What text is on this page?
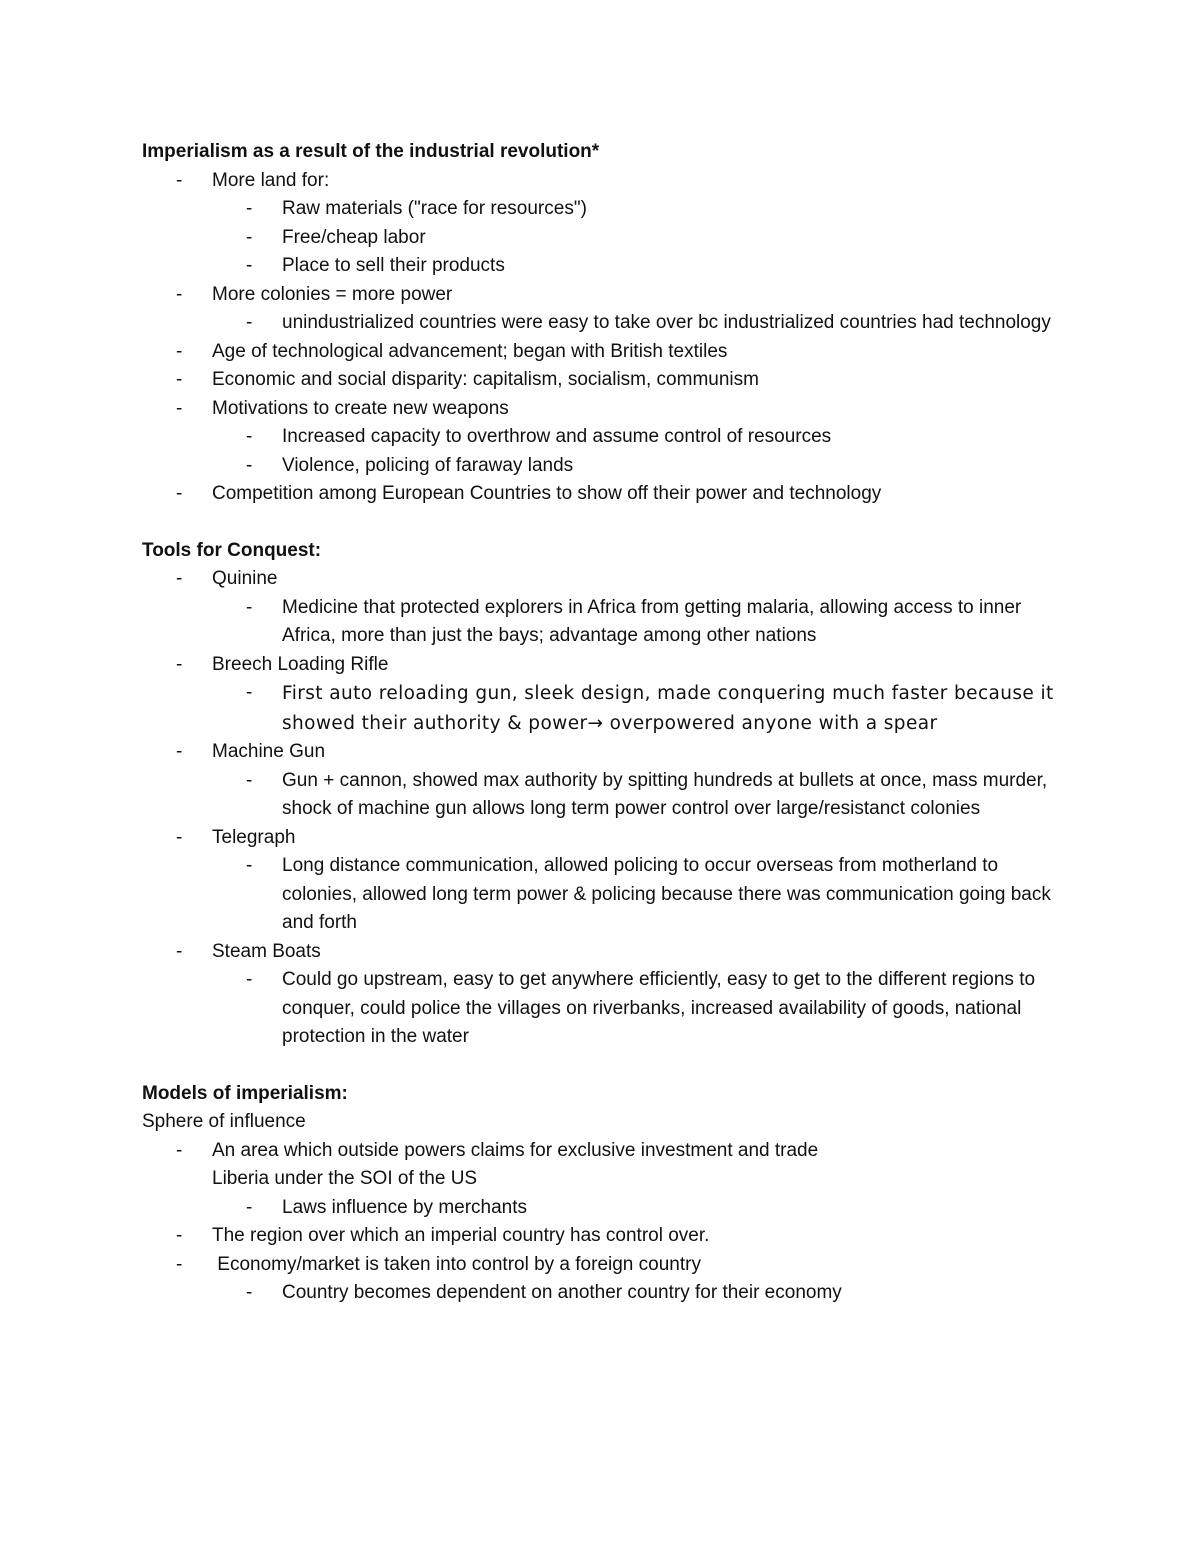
Imperialism as a result of the industrial revolution*

- More land for:
- Raw materials ("race for resources")
- Free/cheap labor
- Place to sell their products
- More colonies = more power
- unindustrialized countries were easy to take over bc industrialized countries had technology
- Age of technological advancement; began with British textiles
- Economic and social disparity: capitalism, socialism, communism
- Motivations to create new weapons
- Increased capacity to overthrow and assume control of resources
- Violence, policing of faraway lands
- Competition among European Countries to show off their power and technology

Tools for Conquest:

- Quinine
- Medicine that protected explorers in Africa from getting malaria, allowing access to inner Africa, more than just the bays; advantage among other nations
- Breech Loading Rifle
- First auto reloading gun, sleek design, made conquering much faster because it showed their authority & power→ overpowered anyone with a spear
- Machine Gun
- Gun + cannon, showed max authority by spitting hundreds at bullets at once, mass murder, shock of machine gun allows long term power control over large/resistanct colonies
- Telegraph
- Long distance communication, allowed policing to occur overseas from motherland to colonies, allowed long term power & policing because there was communication going back and forth
- Steam Boats
- Could go upstream, easy to get anywhere efficiently, easy to get to the different regions to conquer, could police the villages on riverbanks, increased availability of goods, national protection in the water

Models of imperialism:

Sphere of influence

- An area which outside powers claims for exclusive investment and trade
Liberia under the SOI of the US
- Laws influence by merchants
- The region over which an imperial country has control over.
- Economy/market is taken into control by a foreign country
- Country becomes dependent on another country for their economy
